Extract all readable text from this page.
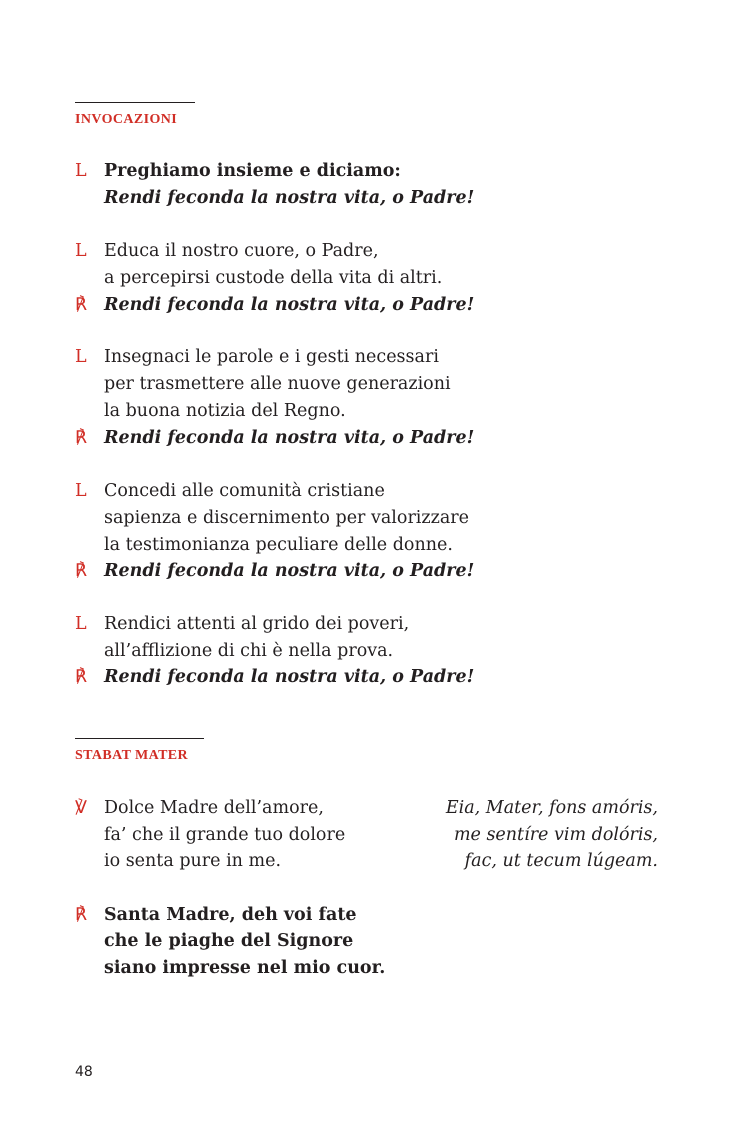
INVOCAZIONI
L Preghiamo insieme e diciamo:
Rendi feconda la nostra vita, o Padre!
L Educa il nostro cuore, o Padre,
a percepirsi custode della vita di altri.
℟ Rendi feconda la nostra vita, o Padre!
L Insegnaci le parole e i gesti necessari
per trasmettere alle nuove generazioni
la buona notizia del Regno.
℟ Rendi feconda la nostra vita, o Padre!
L Concedi alle comunità cristiane
sapienza e discernimento per valorizzare
la testimonianza peculiare delle donne.
℟ Rendi feconda la nostra vita, o Padre!
L Rendici attenti al grido dei poveri,
all’afflizione di chi è nella prova.
℟ Rendi feconda la nostra vita, o Padre!
STABAT MATER
℣ Dolce Madre dell’amore,
fa’ che il grande tuo dolore
io senta pure in me.
Eia, Mater, fons amóris,
me sentíre vim dolóris,
fac, ut tecum lúgeam.
℟ Santa Madre, deh voi fate
che le piaghe del Signore
siano impresse nel mio cuor.
48
